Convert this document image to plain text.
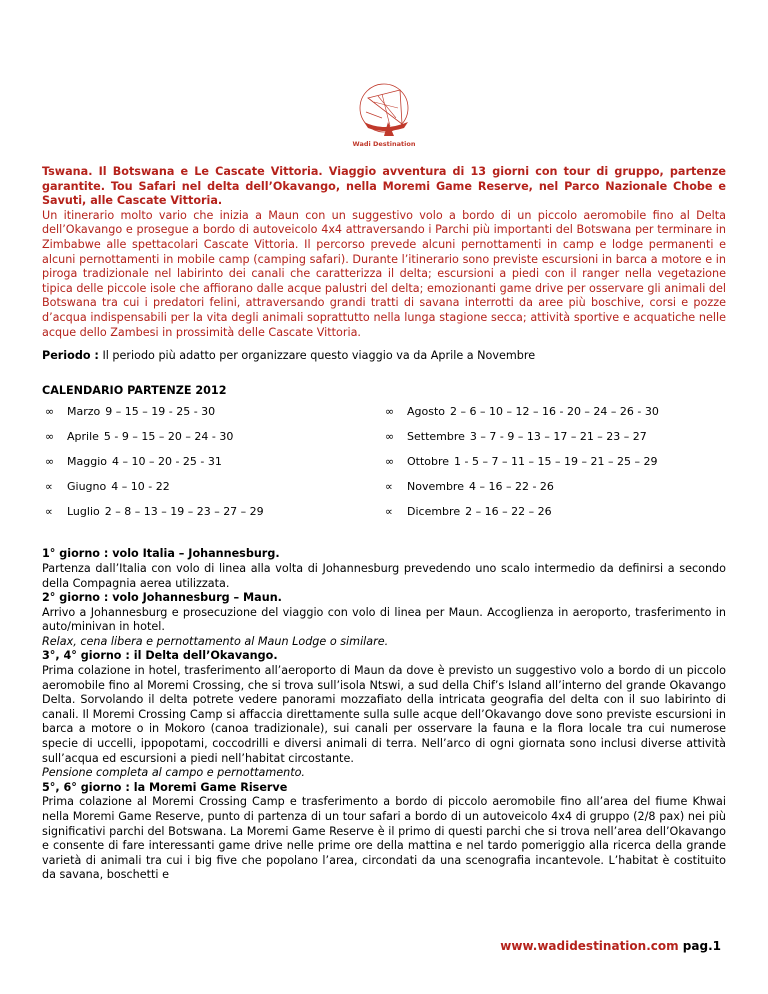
Wadi Destination

Tswana. Il Botswana e Le Cascate Vittoria. Viaggio avventura di 13 giorni con tour di gruppo, partenze garantite. Tou Safari nel delta dell’Okavango, nella Moremi Game Reserve, nel Parco Nazionale Chobe e Savuti, alle Cascate Vittoria.

Un itinerario molto vario che inizia a Maun con un suggestivo volo a bordo di un piccolo aeromobile fino al Delta dell’Okavango e prosegue a bordo di autoveicolo 4x4 attraversando i Parchi più importanti del Botswana per terminare in Zimbabwe alle spettacolari Cascate Vittoria. Il percorso prevede alcuni pernottamenti in camp e lodge permanenti e alcuni pernottamenti in mobile camp (camping safari). Durante l’itinerario sono previste escursioni in barca a motore e in piroga tradizionale nel labirinto dei canali che caratterizza il delta; escursioni a piedi con il ranger nella vegetazione tipica delle piccole isole che affiorano dalle acque palustri del delta; emozionanti game drive per osservare gli animali del Botswana tra cui i predatori felini, attraversando grandi tratti di savana interrotti da aree più boschive, corsi e pozze d’acqua indispensabili per la vita degli animali soprattutto nella lunga stagione secca; attività sportive e acquatiche nelle acque dello Zambesi in prossimità delle Cascate Vittoria.

Periodo : Il periodo più adatto per organizzare questo viaggio va da Aprile a Novembre

CALENDARIO PARTENZE 2012
∞ Marzo 9 – 15 – 19 - 25 - 30	∞ Agosto 2 – 6 – 10 – 12 – 16 - 20 – 24 – 26 - 30
∞ Aprile 5 - 9 – 15 – 20 – 24 - 30	∞ Settembre 3 – 7 - 9 – 13 – 17 – 21 – 23 – 27
∞ Maggio 4 – 10 – 20 - 25 - 31	∞ Ottobre 1 - 5 – 7 – 11 – 15 – 19 – 21 – 25 – 29
∝ Giugno 4 – 10 - 22	∝ Novembre 4 – 16 – 22 - 26
∝ Luglio 2 – 8 – 13 – 19 – 23 – 27 – 29	∝ Dicembre 2 – 16 – 22 – 26

1° giorno : volo Italia – Johannesburg.

Partenza dall’Italia con volo di linea alla volta di Johannesburg prevedendo uno scalo intermedio da definirsi a secondo della Compagnia aerea utilizzata.

2° giorno : volo Johannesburg – Maun.

Arrivo a Johannesburg e prosecuzione del viaggio con volo di linea per Maun. Accoglienza in aeroporto, trasferimento in auto/minivan in hotel.

Relax, cena libera e pernottamento al Maun Lodge o similare.

3°, 4° giorno : il Delta dell’Okavango.

Prima colazione in hotel, trasferimento all’aeroporto di Maun da dove è previsto un suggestivo volo a bordo di un piccolo aeromobile fino al Moremi Crossing, che si trova sull’isola Ntswi, a sud della Chif’s Island all’interno del grande Okavango Delta. Sorvolando il delta potrete vedere panorami mozzafiato della intricata geografia del delta con il suo labirinto di canali. Il Moremi Crossing Camp si affaccia direttamente sulla sulle acque dell’Okavango dove sono previste escursioni in barca a motore o in Mokoro (canoa tradizionale), sui canali per osservare la fauna e la flora locale tra cui numerose specie di uccelli, ippopotami, coccodrilli e diversi animali di terra. Nell’arco di ogni giornata sono inclusi diverse attività sull’acqua ed escursioni a piedi nell’habitat circostante.

Pensione completa al campo e pernottamento.

5°, 6° giorno : la Moremi Game Riserve

Prima colazione al Moremi Crossing Camp e trasferimento a bordo di piccolo aeromobile fino all’area del fiume Khwai nella Moremi Game Reserve, punto di partenza di un tour safari a bordo di un autoveicolo 4x4 di gruppo (2/8 pax) nei più significativi parchi del Botswana. La Moremi Game Reserve è il primo di questi parchi che si trova nell’area dell’Okavango e consente di fare interessanti game drive nelle prime ore della mattina e nel tardo pomeriggio alla ricerca della grande varietà di animali tra cui i big five che popolano l’area, circondati da una scenografia incantevole. L’habitat è costituito da savana, boschetti e

www.wadidestination.com pag.1
